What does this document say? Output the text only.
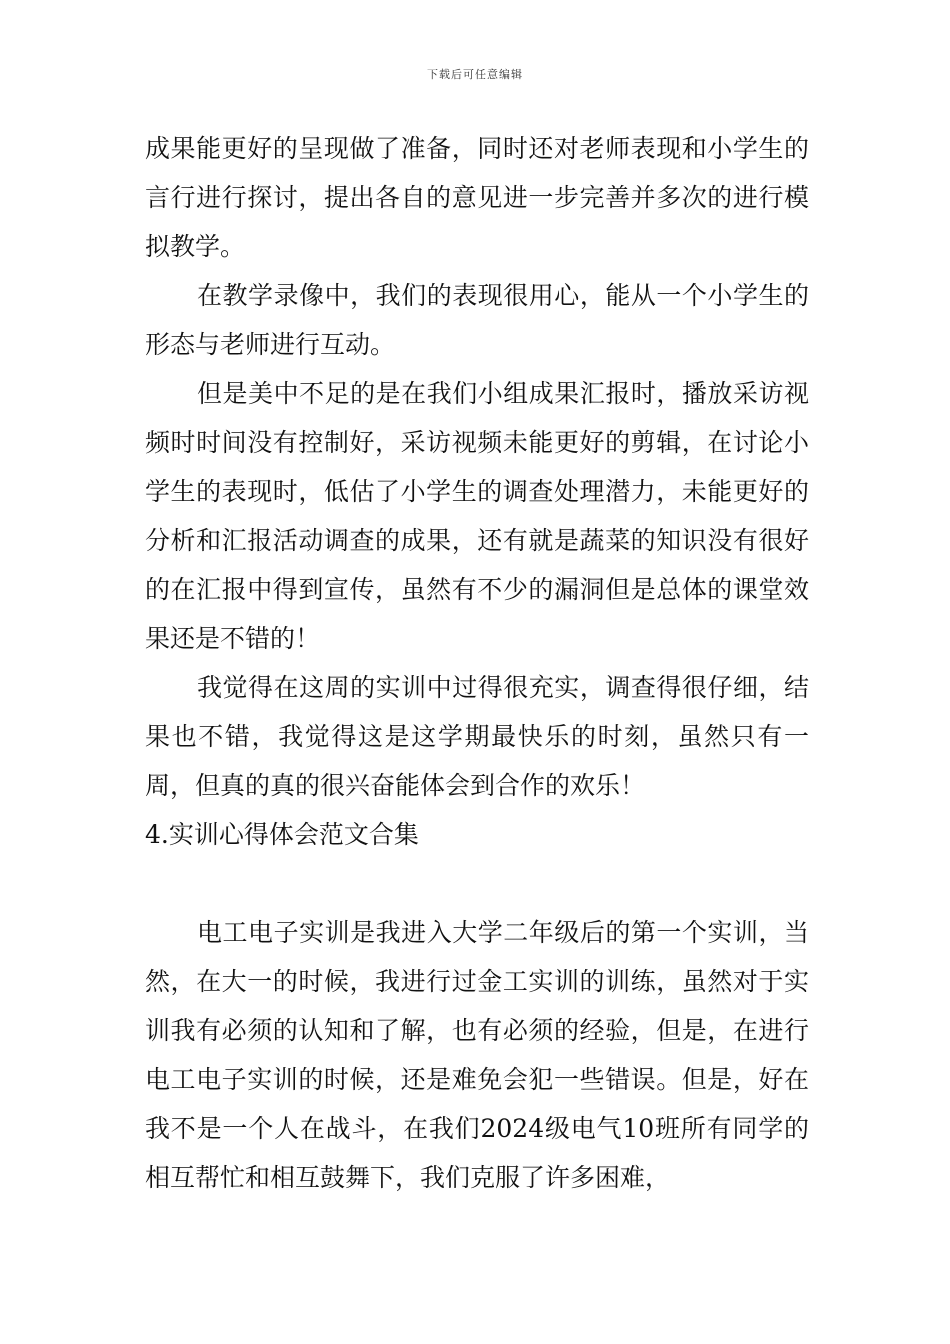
下载后可任意编辑

成果能更好的呈现做了准备，同时还对老师表现和小学生的言行进行探讨，提出各自的意见进一步完善并多次的进行模拟教学。

在教学录像中，我们的表现很用心，能从一个小学生的形态与老师进行互动。

但是美中不足的是在我们小组成果汇报时，播放采访视频时时间没有控制好，采访视频未能更好的剪辑，在讨论小学生的表现时，低估了小学生的调查处理潜力，未能更好的分析和汇报活动调查的成果，还有就是蔬菜的知识没有很好的在汇报中得到宣传，虽然有不少的漏洞但是总体的课堂效果还是不错的！

我觉得在这周的实训中过得很充实，调查得很仔细，结果也不错，我觉得这是这学期最快乐的时刻，虽然只有一周，但真的真的很兴奋能体会到合作的欢乐！

4.实训心得体会范文合集

电工电子实训是我进入大学二年级后的第一个实训，当然，在大一的时候，我进行过金工实训的训练，虽然对于实训我有必须的认知和了解，也有必须的经验，但是，在进行电工电子实训的时候，还是难免会犯一些错误。但是，好在我不是一个人在战斗，在我们2024级电气10班所有同学的相互帮忙和相互鼓舞下，我们克服了许多困难，
